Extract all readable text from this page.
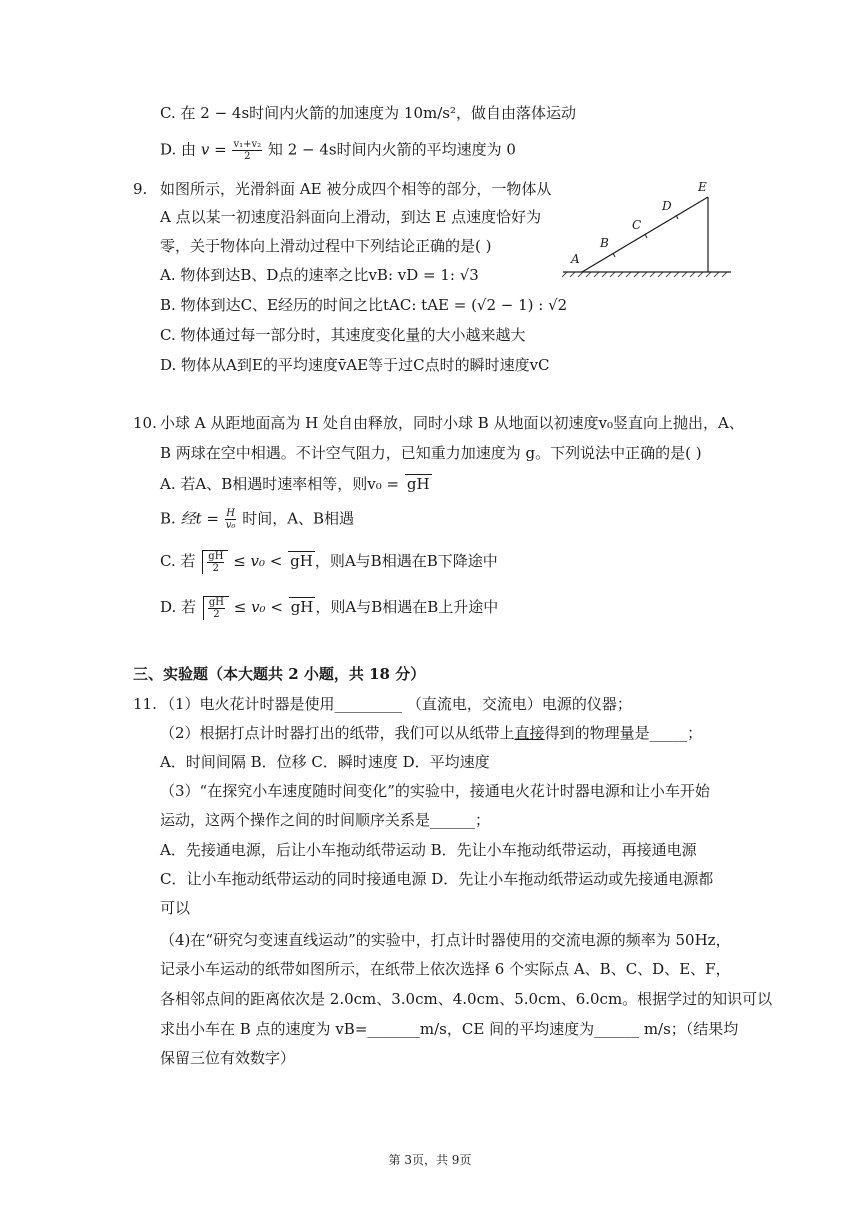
C. 在 2 − 4s时间内火箭的加速度为 10m/s²，做自由落体运动
D. 由 $v = \frac{\text{v₁+v₂}}{2}$ 知 2 − 4s时间内火箭的平均速度为 0
9. 如图所示，光滑斜面 AE 被分成四个相等的部分，一物体从
A 点以某一初速度沿斜面向上滑动，到达 E 点速度恰好为
零，关于物体向上滑动过程中下列结论正确的是( )
A. 物体到达B、D点的速率之比vB: vD = 1: √3
B. 物体到达C、E经历的时间之比tAC: tAE = (√2 − 1) : √2
C. 物体通过每一部分时，其速度变化量的大小越来越大
D. 物体从A到E的平均速度v̄AE等于过C点时的瞬时速度vC
A
B
C
D
E
10. 小球 A 从距地面高为 H 处自由释放，同时小球 B 从地面以初速度v₀竖直向上抛出，A、
B 两球在空中相遇。不计空气阻力，已知重力加速度为 g。下列说法中正确的是( )
A. 若A、B相遇时速率相等，则v₀ = gH
B. 经$t = \frac{H}{\text{v₀}}$ 时间，A、B相遇
C. 若 $\frac{gH}{2} \le v_0$ < gH ，则A与B相遇在B下降途中
D. 若 $\frac{gH}{2} \le v_0$ < gH ，则A与B相遇在B上升途中
三、实验题（本大题共 2 小题，共 18 分）
11. （1）电火花计时器是使用_________ （直流电，交流电）电源的仪器；
（2）根据打点计时器打出的纸带，我们可以从纸带上直接得到的物理量是_____；
A．时间间隔 B．位移 C．瞬时速度 D．平均速度
（3）“在探究小车速度随时间变化”的实验中，接通电火花计时器电源和让小车开始
运动，这两个操作之间的时间顺序关系是______；
A．先接通电源，后让小车拖动纸带运动 B．先让小车拖动纸带运动，再接通电源
C．让小车拖动纸带运动的同时接通电源 D．先让小车拖动纸带运动或先接通电源都
可以
（4)在“研究匀变速直线运动”的实验中，打点计时器使用的交流电源的频率为 50Hz，
记录小车运动的纸带如图所示，在纸带上依次选择 6 个实际点 A、B、C、D、E、F，
各相邻点间的距离依次是 2.0cm、3.0cm、4.0cm、5.0cm、6.0cm。根据学过的知识可以
求出小车在 B 点的速度为 vB=_______m/s，CE 间的平均速度为______ m/s；（结果均
保留三位有效数字）
第 3页，共 9页
